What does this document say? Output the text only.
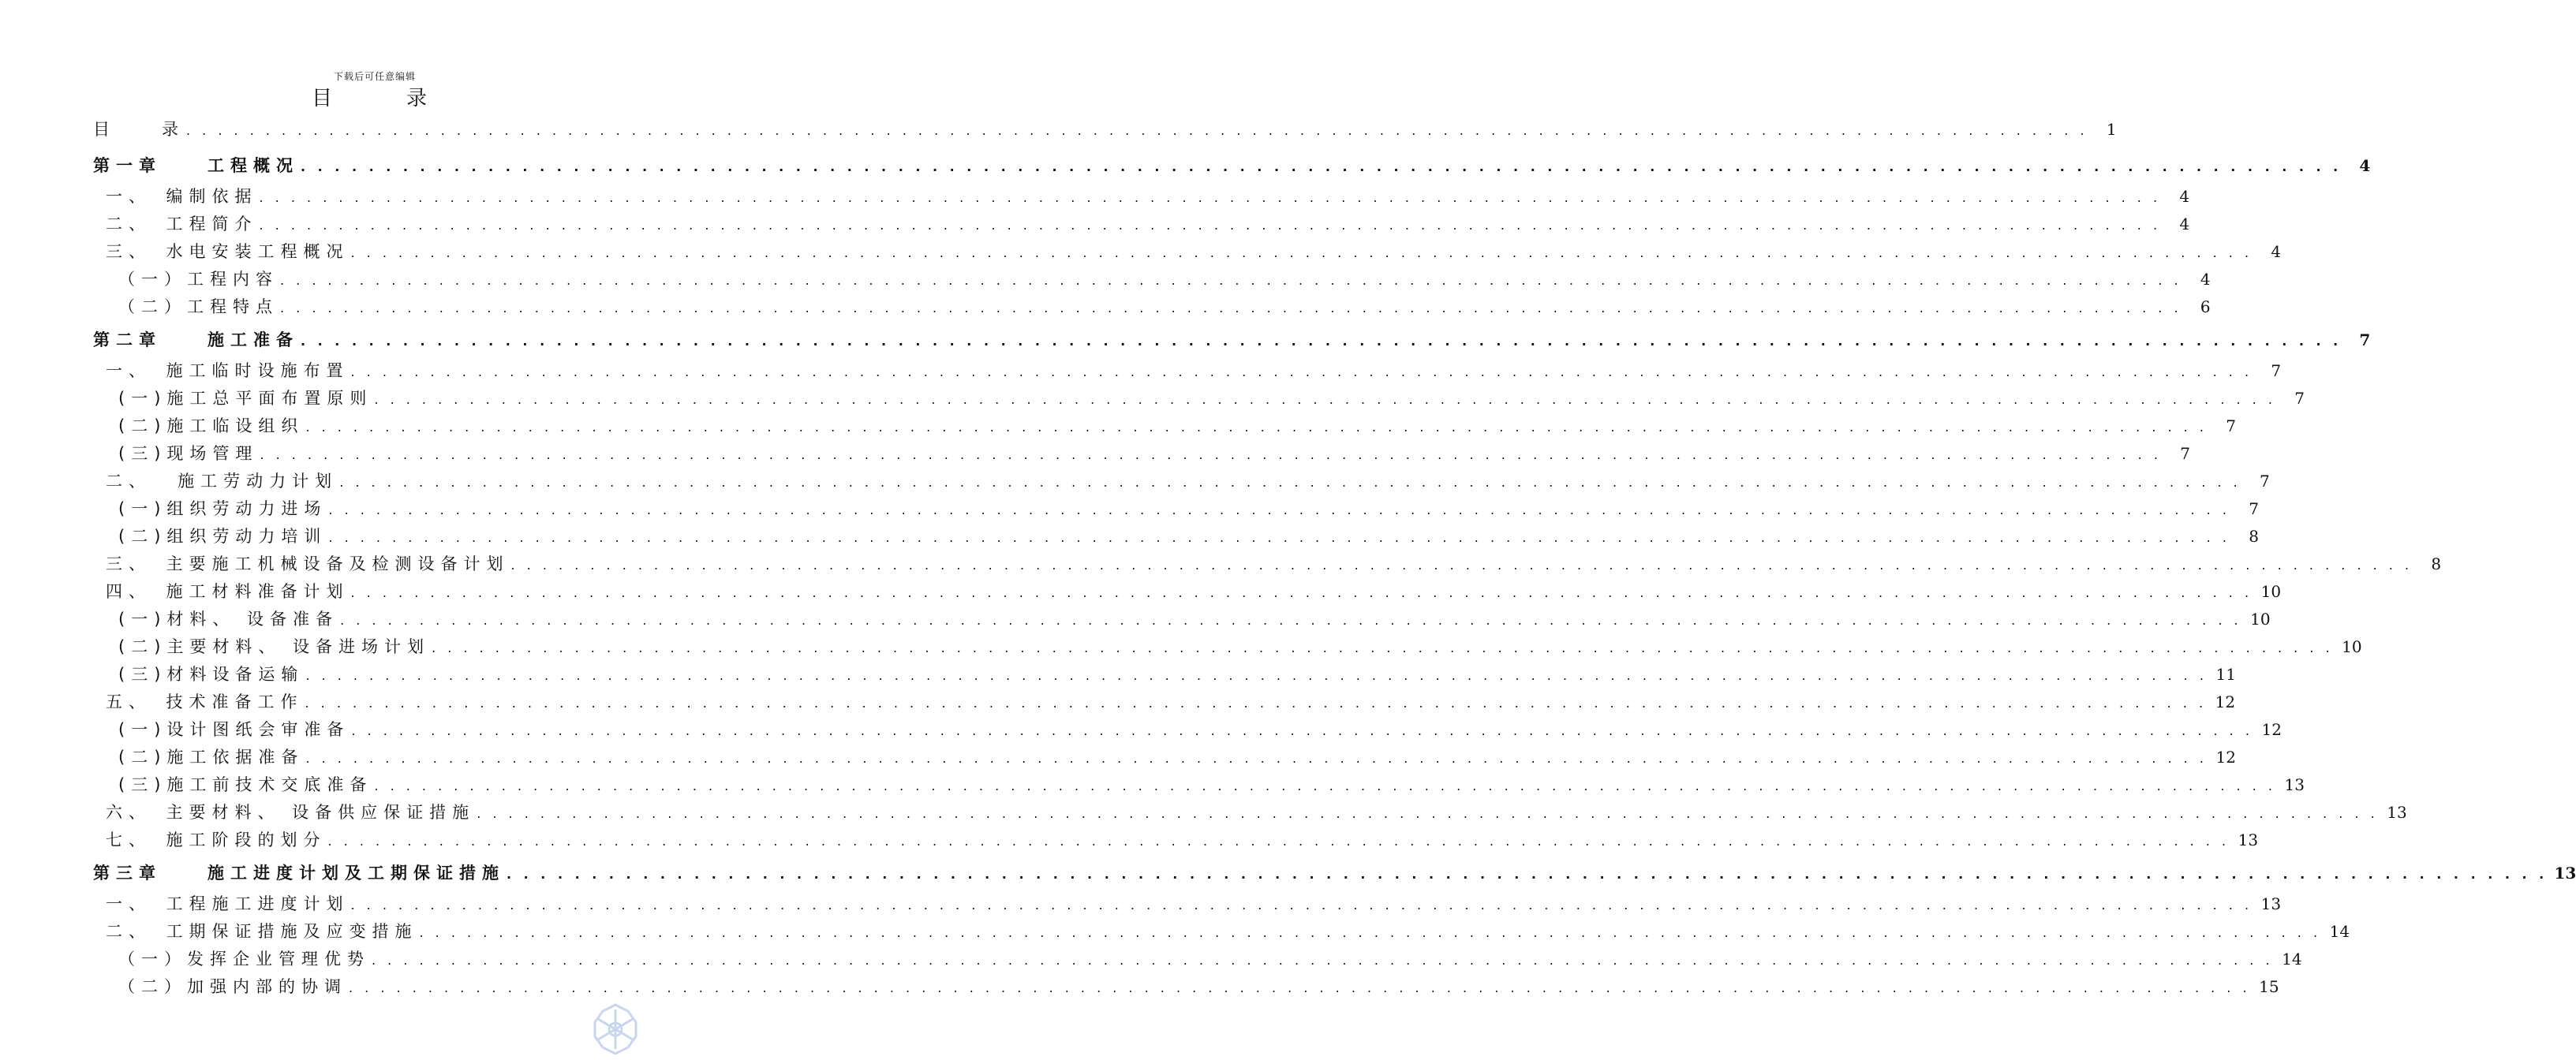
下载后可任意编辑
目　录
目　　录 . . . . . . . . . . . . . . . . . . . . . . . . . . . . . . . . . . . . . . . . . . . . . . . . . . . . . . . . . . . . . . . . . . . . . . . . . . . . . . . . . . . . . . . . . . . . . . . . . . . . . . . . . . . . . . . . . . . . . . . .	1
第一章　　工程概况 . . . . . . . . . . . . . . . . . . . . . . . . . . . . . . . . . . . . . . . . . . . . . . . . . . . . . . . . . . . . . . . . . . . . . . . . . . . . . . . . . . . . . . . . . . . . . . . . . . . . . . . . . . . . . . . . . . . . . . . .	4
一、　编制依据 . . . . . . . . . . . . . . . . . . . . . . . . . . . . . . . . . . . . . . . . . . . . . . . . . . . . . . . . . . . . . . . . . . . . . . . . . . . . . . . . . . . . . . . . . . . . . . . . . . . . . . . . . . . . . . . . . . . . . . . .	4
二、　工程简介 . . . . . . . . . . . . . . . . . . . . . . . . . . . . . . . . . . . . . . . . . . . . . . . . . . . . . . . . . . . . . . . . . . . . . . . . . . . . . . . . . . . . . . . . . . . . . . . . . . . . . . . . . . . . . . . . . . . . . . . .	4
三、　水电安装工程概况 . . . . . . . . . . . . . . . . . . . . . . . . . . . . . . . . . . . . . . . . . . . . . . . . . . . . . . . . . . . . . . . . . . . . . . . . . . . . . . . . . . . . . . . . . . . . . . . . . . . . . . . . . . . . . . . . . . . . . . . .	4
（一）工程内容 . . . . . . . . . . . . . . . . . . . . . . . . . . . . . . . . . . . . . . . . . . . . . . . . . . . . . . . . . . . . . . . . . . . . . . . . . . . . . . . . . . . . . . . . . . . . . . . . . . . . . . . . . . . . . . . . . . . . . . . .	4
（二）工程特点 . . . . . . . . . . . . . . . . . . . . . . . . . . . . . . . . . . . . . . . . . . . . . . . . . . . . . . . . . . . . . . . . . . . . . . . . . . . . . . . . . . . . . . . . . . . . . . . . . . . . . . . . . . . . . . . . . . . . . . . .	6
第二章　　施工准备 . . . . . . . . . . . . . . . . . . . . . . . . . . . . . . . . . . . . . . . . . . . . . . . . . . . . . . . . . . . . . . . . . . . . . . . . . . . . . . . . . . . . . . . . . . . . . . . . . . . . . . . . . . . . . . . . . . . . . . . .	7
一、　施工临时设施布置 . . . . . . . . . . . . . . . . . . . . . . . . . . . . . . . . . . . . . . . . . . . . . . . . . . . . . . . . . . . . . . . . . . . . . . . . . . . . . . . . . . . . . . . . . . . . . . . . . . . . . . . . . . . . . . . . . . . . . . . .	7
(一)施工总平面布置原则 . . . . . . . . . . . . . . . . . . . . . . . . . . . . . . . . . . . . . . . . . . . . . . . . . . . . . . . . . . . . . . . . . . . . . . . . . . . . . . . . . . . . . . . . . . . . . . . . . . . . . . . . . . . . . . . . . . . . . . . .	7
(二)施工临设组织 . . . . . . . . . . . . . . . . . . . . . . . . . . . . . . . . . . . . . . . . . . . . . . . . . . . . . . . . . . . . . . . . . . . . . . . . . . . . . . . . . . . . . . . . . . . . . . . . . . . . . . . . . . . . . . . . . . . . . . . .	7
(三)现场管理 . . . . . . . . . . . . . . . . . . . . . . . . . . . . . . . . . . . . . . . . . . . . . . . . . . . . . . . . . . . . . . . . . . . . . . . . . . . . . . . . . . . . . . . . . . . . . . . . . . . . . . . . . . . . . . . . . . . . . . . .	7
二、　 施工劳动力计划 . . . . . . . . . . . . . . . . . . . . . . . . . . . . . . . . . . . . . . . . . . . . . . . . . . . . . . . . . . . . . . . . . . . . . . . . . . . . . . . . . . . . . . . . . . . . . . . . . . . . . . . . . . . . . . . . . . . . . . . .	7
(一)组织劳动力进场 . . . . . . . . . . . . . . . . . . . . . . . . . . . . . . . . . . . . . . . . . . . . . . . . . . . . . . . . . . . . . . . . . . . . . . . . . . . . . . . . . . . . . . . . . . . . . . . . . . . . . . . . . . . . . . . . . . . . . . . .	7
(二)组织劳动力培训 . . . . . . . . . . . . . . . . . . . . . . . . . . . . . . . . . . . . . . . . . . . . . . . . . . . . . . . . . . . . . . . . . . . . . . . . . . . . . . . . . . . . . . . . . . . . . . . . . . . . . . . . . . . . . . . . . . . . . . . .	8
三、　主要施工机械设备及检测设备计划 . . . . . . . . . . . . . . . . . . . . . . . . . . . . . . . . . . . . . . . . . . . . . . . . . . . . . . . . . . . . . . . . . . . . . . . . . . . . . . . . . . . . . . . . . . . . . . . . . . . . . . . . . . . . . . . . . . . . . . . .	8
四、　施工材料准备计划 . . . . . . . . . . . . . . . . . . . . . . . . . . . . . . . . . . . . . . . . . . . . . . . . . . . . . . . . . . . . . . . . . . . . . . . . . . . . . . . . . . . . . . . . . . . . . . . . . . . . . . . . . . . . . . . . . . . . . . . . 10
(一)材料、 设备准备 . . . . . . . . . . . . . . . . . . . . . . . . . . . . . . . . . . . . . . . . . . . . . . . . . . . . . . . . . . . . . . . . . . . . . . . . . . . . . . . . . . . . . . . . . . . . . . . . . . . . . . . . . . . . . . . . . . . . . . . . 10
(二)主要材料、 设备进场计划 . . . . . . . . . . . . . . . . . . . . . . . . . . . . . . . . . . . . . . . . . . . . . . . . . . . . . . . . . . . . . . . . . . . . . . . . . . . . . . . . . . . . . . . . . . . . . . . . . . . . . . . . . . . . . . . . . . . . . . . . 10
(三)材料设备运输 . . . . . . . . . . . . . . . . . . . . . . . . . . . . . . . . . . . . . . . . . . . . . . . . . . . . . . . . . . . . . . . . . . . . . . . . . . . . . . . . . . . . . . . . . . . . . . . . . . . . . . . . . . . . . . . . . . . . . . . . 11
五、　技术准备工作 . . . . . . . . . . . . . . . . . . . . . . . . . . . . . . . . . . . . . . . . . . . . . . . . . . . . . . . . . . . . . . . . . . . . . . . . . . . . . . . . . . . . . . . . . . . . . . . . . . . . . . . . . . . . . . . . . . . . . . . . 12
(一)设计图纸会审准备 . . . . . . . . . . . . . . . . . . . . . . . . . . . . . . . . . . . . . . . . . . . . . . . . . . . . . . . . . . . . . . . . . . . . . . . . . . . . . . . . . . . . . . . . . . . . . . . . . . . . . . . . . . . . . . . . . . . . . . . . 12
(二)施工依据准备 . . . . . . . . . . . . . . . . . . . . . . . . . . . . . . . . . . . . . . . . . . . . . . . . . . . . . . . . . . . . . . . . . . . . . . . . . . . . . . . . . . . . . . . . . . . . . . . . . . . . . . . . . . . . . . . . . . . . . . . . 12
(三)施工前技术交底准备 . . . . . . . . . . . . . . . . . . . . . . . . . . . . . . . . . . . . . . . . . . . . . . . . . . . . . . . . . . . . . . . . . . . . . . . . . . . . . . . . . . . . . . . . . . . . . . . . . . . . . . . . . . . . . . . . . . . . . . . . 13
六、　主要材料、 设备供应保证措施 . . . . . . . . . . . . . . . . . . . . . . . . . . . . . . . . . . . . . . . . . . . . . . . . . . . . . . . . . . . . . . . . . . . . . . . . . . . . . . . . . . . . . . . . . . . . . . . . . . . . . . . . . . . . . . . . . . . . . . . . 13
七、　施工阶段的划分 . . . . . . . . . . . . . . . . . . . . . . . . . . . . . . . . . . . . . . . . . . . . . . . . . . . . . . . . . . . . . . . . . . . . . . . . . . . . . . . . . . . . . . . . . . . . . . . . . . . . . . . . . . . . . . . . . . . . . . . . 13
第三章　　施工进度计划及工期保证措施 . . . . . . . . . . . . . . . . . . . . . . . . . . . . . . . . . . . . . . . . . . . . . . . . . . . . . . . . . . . . . . . . . . . . . . . . . . . . . . . . . . . . . . . . . . . . . . . . . . . . . . . . . . . . . . . . . . . . . . . . 13
一、　工程施工进度计划 . . . . . . . . . . . . . . . . . . . . . . . . . . . . . . . . . . . . . . . . . . . . . . . . . . . . . . . . . . . . . . . . . . . . . . . . . . . . . . . . . . . . . . . . . . . . . . . . . . . . . . . . . . . . . . . . . . . . . . . . 13
二、　工期保证措施及应变措施 . . . . . . . . . . . . . . . . . . . . . . . . . . . . . . . . . . . . . . . . . . . . . . . . . . . . . . . . . . . . . . . . . . . . . . . . . . . . . . . . . . . . . . . . . . . . . . . . . . . . . . . . . . . . . . . . . . . . . . . . 14
（一）发挥企业管理优势 . . . . . . . . . . . . . . . . . . . . . . . . . . . . . . . . . . . . . . . . . . . . . . . . . . . . . . . . . . . . . . . . . . . . . . . . . . . . . . . . . . . . . . . . . . . . . . . . . . . . . . . . . . . . . . . . . . . . . . . . 14
（二）加强内部的协调 . . . . . . . . . . . . . . . . . . . . . . . . . . . . . . . . . . . . . . . . . . . . . . . . . . . . . . . . . . . . . . . . . . . . . . . . . . . . . . . . . . . . . . . . . . . . . . . . . . . . . . . . . . . . . . . . . . . . . . . . 15
